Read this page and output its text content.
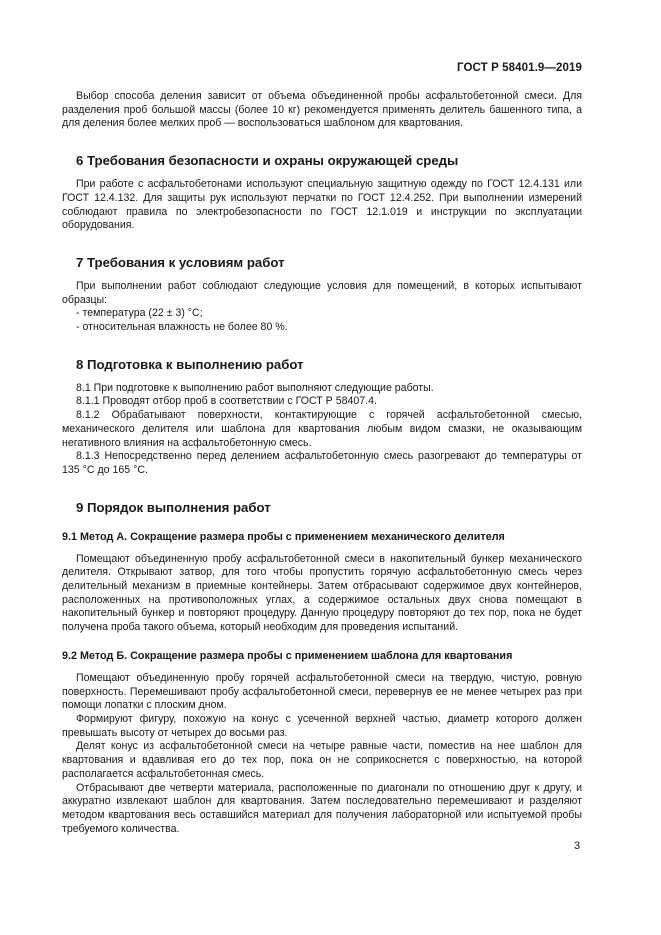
ГОСТ Р 58401.9—2019

Выбор способа деления зависит от объема объединенной пробы асфальтобетонной смеси. Для разделения проб большой массы (более 10 кг) рекомендуется применять делитель башенного типа, а для деления более мелких проб — воспользоваться шаблоном для квартования.

6 Требования безопасности и охраны окружающей среды

При работе с асфальтобетонами используют специальную защитную одежду по ГОСТ 12.4.131 или ГОСТ 12.4.132. Для защиты рук используют перчатки по ГОСТ 12.4.252. При выполнении измерений соблюдают правила по электробезопасности по ГОСТ 12.1.019 и инструкции по эксплуатации оборудования.

7 Требования к условиям работ

При выполнении работ соблюдают следующие условия для помещений, в которых испытывают образцы:

- температура (22 ± 3) °С;

- относительная влажность не более 80 %.

8 Подготовка к выполнению работ

8.1 При подготовке к выполнению работ выполняют следующие работы.

8.1.1 Проводят отбор проб в соответствии с ГОСТ Р 58407.4.

8.1.2 Обрабатывают поверхности, контактирующие с горячей асфальтобетонной смесью, механического делителя или шаблона для квартования любым видом смазки, не оказывающим негативного влияния на асфальтобетонную смесь.

8.1.3 Непосредственно перед делением асфальтобетонную смесь разогревают до температуры от 135 °С до 165 °С.

9 Порядок выполнения работ
9.1 Метод А. Сокращение размера пробы с применением механического делителя

Помещают объединенную пробу асфальтобетонной смеси в накопительный бункер механического делителя. Открывают затвор, для того чтобы пропустить горячую асфальтобетонную смесь через делительный механизм в приемные контейнеры. Затем отбрасывают содержимое двух контейнеров, расположенных на противоположных углах, а содержимое остальных двух снова помещают в накопительный бункер и повторяют процедуру. Данную процедуру повторяют до тех пор, пока не будет получена проба такого объема, который необходим для проведения испытаний.

9.2 Метод Б. Сокращение размера пробы с применением шаблона для квартования

Помещают объединенную пробу горячей асфальтобетонной смеси на твердую, чистую, ровную поверхность. Перемешивают пробу асфальтобетонной смеси, перевернув ее не менее четырех раз при помощи лопатки с плоским дном.

Формируют фигуру, похожую на конус с усеченной верхней частью, диаметр которого должен превышать высоту от четырех до восьми раз.

Делят конус из асфальтобетонной смеси на четыре равные части, поместив на нее шаблон для квартования и вдавливая его до тех пор, пока он не соприкоснется с поверхностью, на которой располагается асфальтобетонная смесь.

Отбрасывают две четверти материала, расположенные по диагонали по отношению друг к другу, и аккуратно извлекают шаблон для квартования. Затем последовательно перемешивают и разделяют методом квартования весь оставшийся материал для получения лабораторной или испытуемой пробы требуемого количества.

3
